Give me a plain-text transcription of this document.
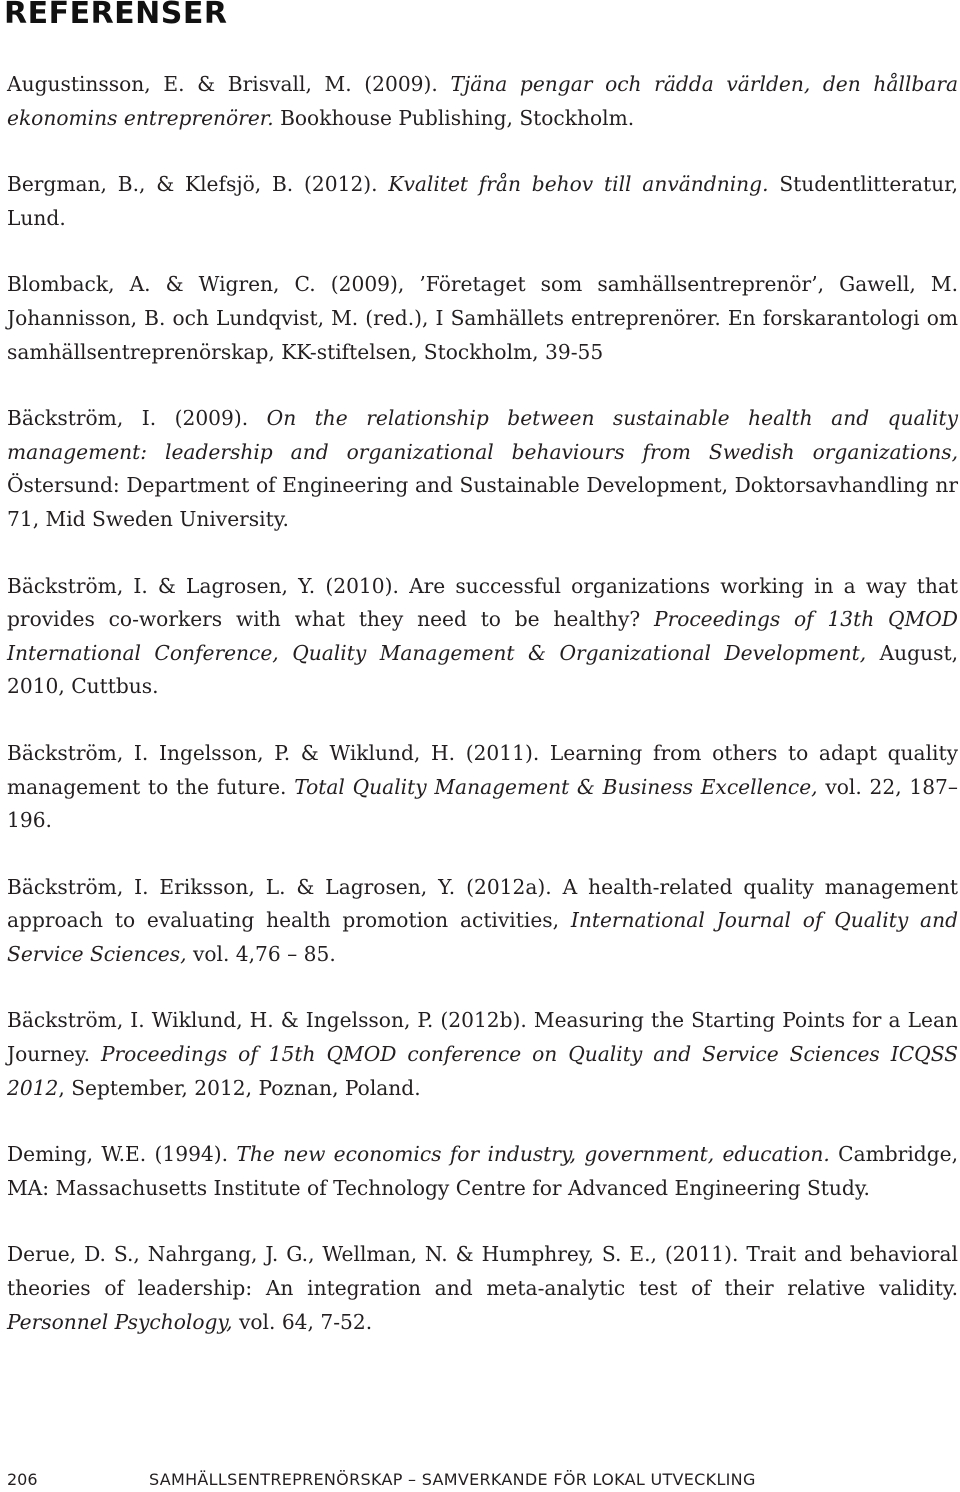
REFERENSER

Augustinsson, E. & Brisvall, M. (2009). Tjäna pengar och rädda världen, den hållbara ekonomins entreprenörer. Bookhouse Publishing, Stockholm.

Bergman, B., & Klefsjö, B. (2012). Kvalitet från behov till användning. Studentlitteratur, Lund.

Blomback, A. & Wigren, C. (2009), ’Företaget som samhällsentreprenör’, Gawell, M. Johannisson, B. och Lundqvist, M. (red.), I Samhällets entreprenörer. En forskarantologi om samhällsentreprenörskap, KK-stiftelsen, Stockholm, 39-55

Bäckström, I. (2009). On the relationship between sustainable health and quality management: leadership and organizational behaviours from Swedish organizations, Östersund: Department of Engineering and Sustainable Development, Doktorsavhandling nr 71, Mid Sweden University.

Bäckström, I. & Lagrosen, Y. (2010). Are successful organizations working in a way that provides co-workers with what they need to be healthy? Proceedings of 13th QMOD International Conference, Quality Management & Organizational Development, August, 2010, Cuttbus.

Bäckström, I. Ingelsson, P. & Wiklund, H. (2011). Learning from others to adapt quality management to the future. Total Quality Management & Business Excellence, vol. 22, 187–196.

Bäckström, I. Eriksson, L. & Lagrosen, Y. (2012a). A health-related quality management approach to evaluating health promotion activities, International Journal of Quality and Service Sciences, vol. 4,76 – 85.

Bäckström, I. Wiklund, H. & Ingelsson, P. (2012b). Measuring the Starting Points for a Lean Journey. Proceedings of 15th QMOD conference on Quality and Service Sciences ICQSS 2012, September, 2012, Poznan, Poland.

Deming, W.E. (1994). The new economics for industry, government, education. Cambridge, MA: Massachusetts Institute of Technology Centre for Advanced Engineering Study.

Derue, D. S., Nahrgang, J. G., Wellman, N. & Humphrey, S. E., (2011). Trait and behavioral theories of leadership: An integration and meta-analytic test of their relative validity. Personnel Psychology, vol. 64, 7-52.

206	SAMHÄLLSENTREPRENÖRSKAP – SAMVERKANDE FÖR LOKAL UTVECKLING
